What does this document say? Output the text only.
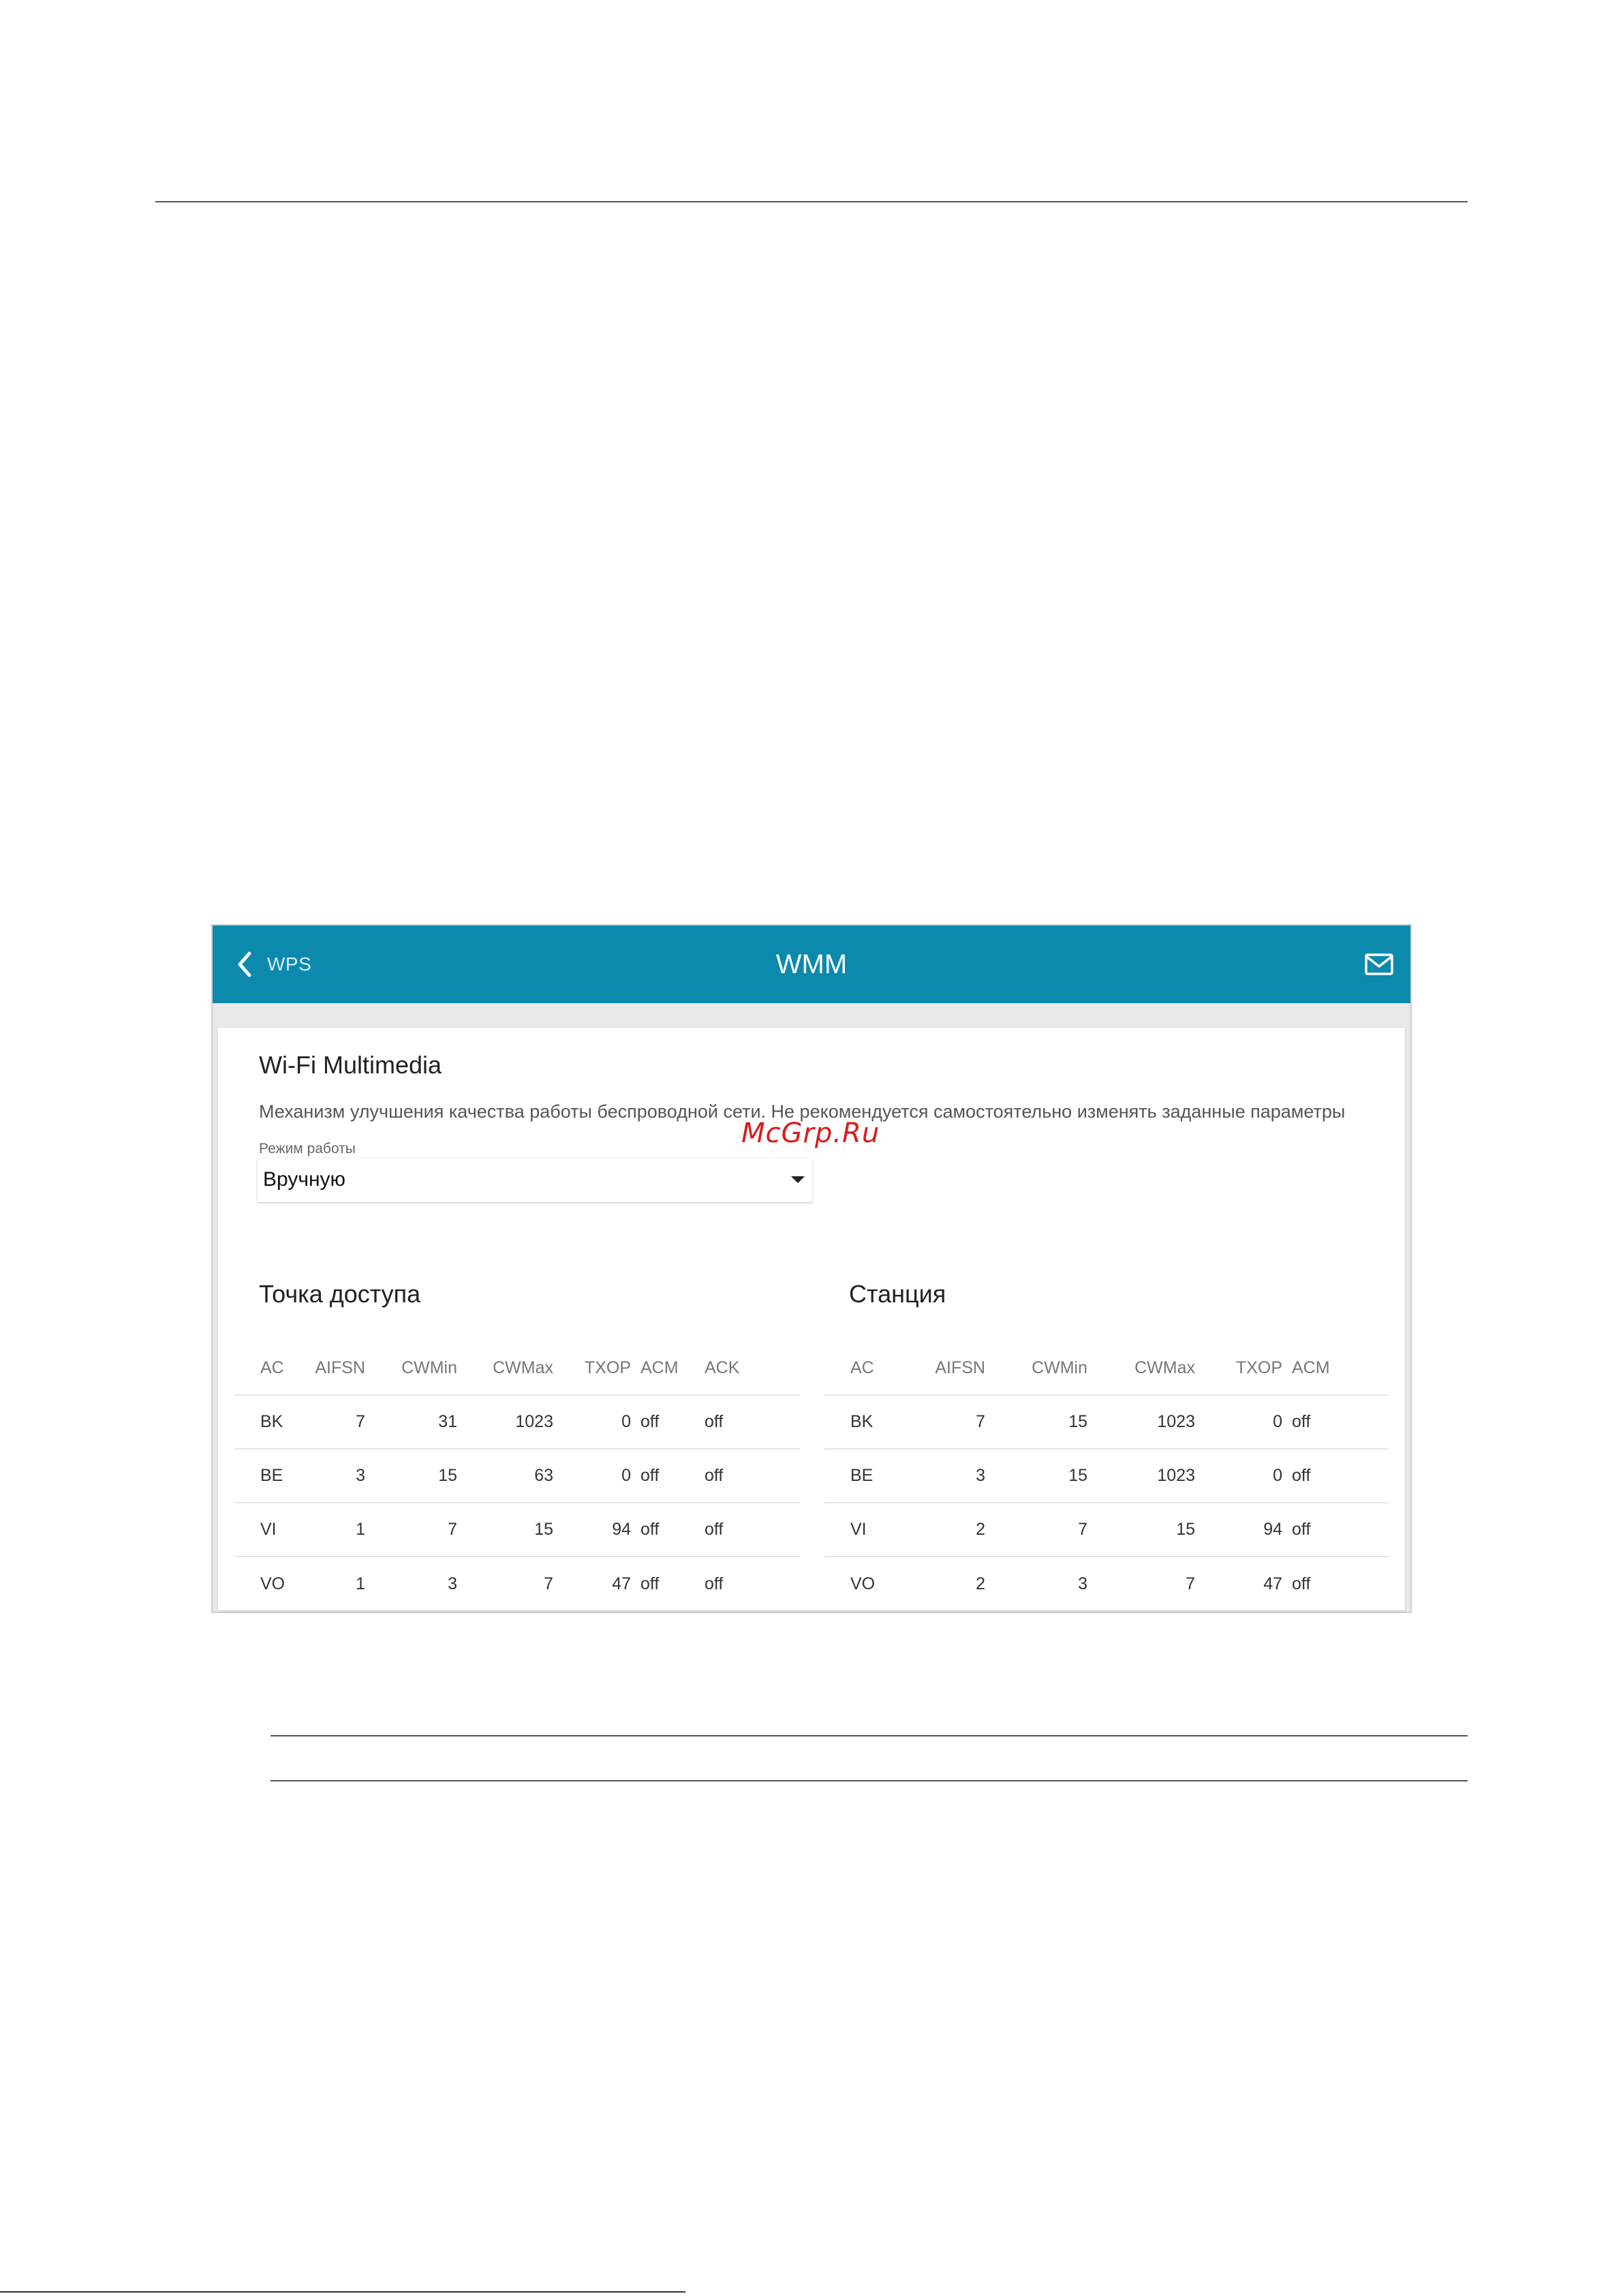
WPS	WMM
Wi-Fi Multimedia
Механизм улучшения качества работы беспроводной сети. Не рекомендуется самостоятельно изменять заданные параметры
Режим работы
Вручную
Точка доступа
AC	AIFSN	CWMin	CWMax	TXOP	ACM	ACK
BK	7	31	1023	0	off	off
BE	3	15	63	0	off	off
VI	1	7	15	94	off	off
VO	1	3	7	47	off	off
Станция
AC	AIFSN	CWMin	CWMax	TXOP	ACM
BK	7	15	1023	0	off
BE	3	15	1023	0	off
VI	2	7	15	94	off
VO	2	3	7	47	off
McGrp.Ru
